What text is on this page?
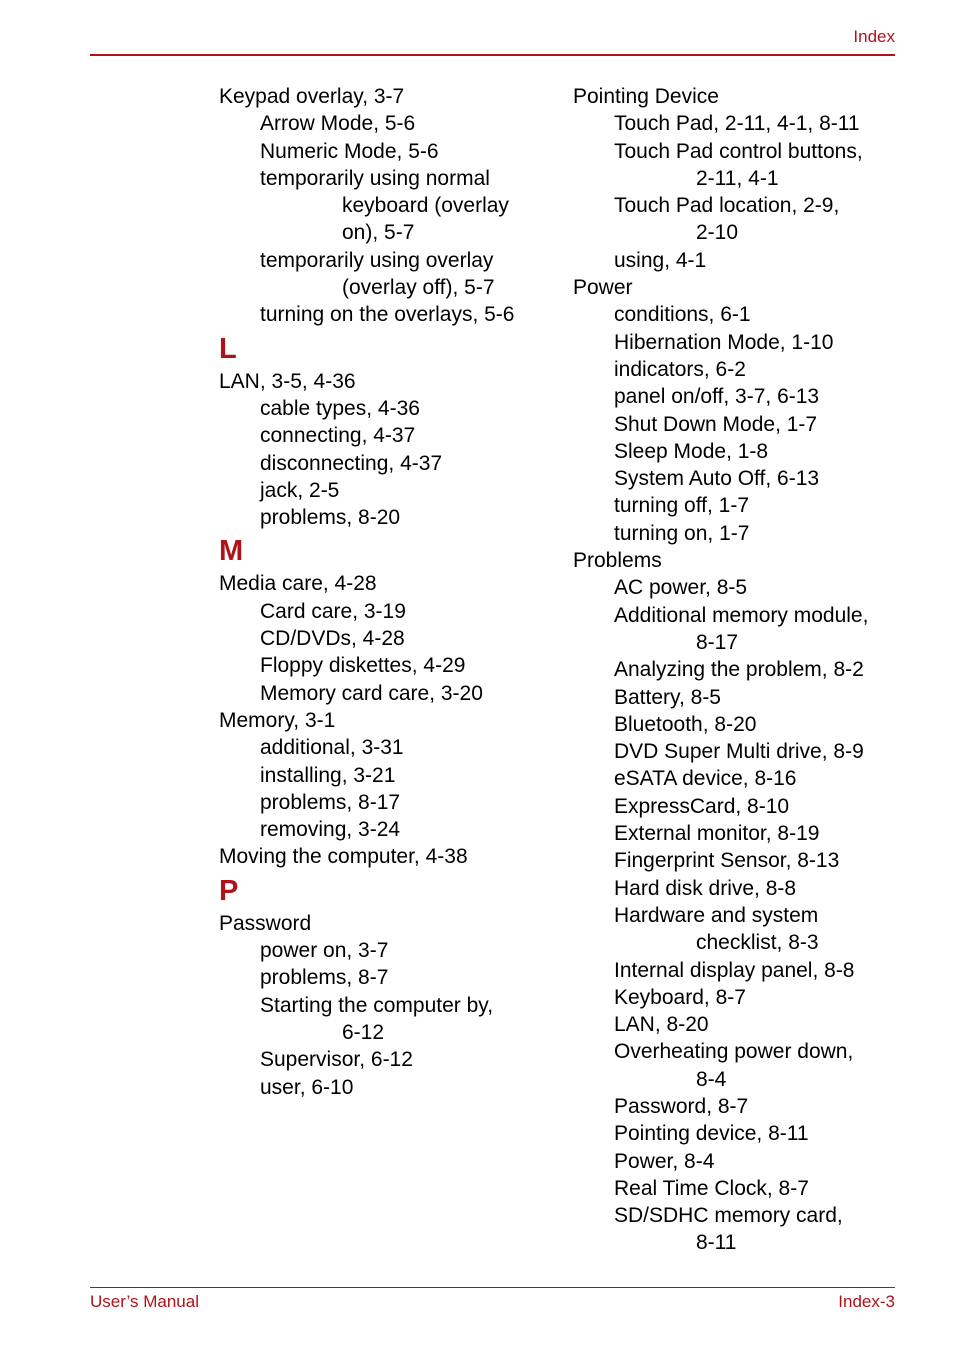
Index
Keypad overlay, 3-7
Arrow Mode, 5-6
Numeric Mode, 5-6
temporarily using normal
keyboard (overlay
on), 5-7
temporarily using overlay
(overlay off), 5-7
turning on the overlays, 5-6
L
LAN, 3-5, 4-36
cable types, 4-36
connecting, 4-37
disconnecting, 4-37
jack, 2-5
problems, 8-20
M
Media care, 4-28
Card care, 3-19
CD/DVDs, 4-28
Floppy diskettes, 4-29
Memory card care, 3-20
Memory, 3-1
additional, 3-31
installing, 3-21
problems, 8-17
removing, 3-24
Moving the computer, 4-38
P
Password
power on, 3-7
problems, 8-7
Starting the computer by,
6-12
Supervisor, 6-12
user, 6-10
Pointing Device
Touch Pad, 2-11, 4-1, 8-11
Touch Pad control buttons,
2-11, 4-1
Touch Pad location, 2-9,
2-10
using, 4-1
Power
conditions, 6-1
Hibernation Mode, 1-10
indicators, 6-2
panel on/off, 3-7, 6-13
Shut Down Mode, 1-7
Sleep Mode, 1-8
System Auto Off, 6-13
turning off, 1-7
turning on, 1-7
Problems
AC power, 8-5
Additional memory module,
8-17
Analyzing the problem, 8-2
Battery, 8-5
Bluetooth, 8-20
DVD Super Multi drive, 8-9
eSATA device, 8-16
ExpressCard, 8-10
External monitor, 8-19
Fingerprint Sensor, 8-13
Hard disk drive, 8-8
Hardware and system
checklist, 8-3
Internal display panel, 8-8
Keyboard, 8-7
LAN, 8-20
Overheating power down,
8-4
Password, 8-7
Pointing device, 8-11
Power, 8-4
Real Time Clock, 8-7
SD/SDHC memory card,
8-11
User’s Manual	Index-3
